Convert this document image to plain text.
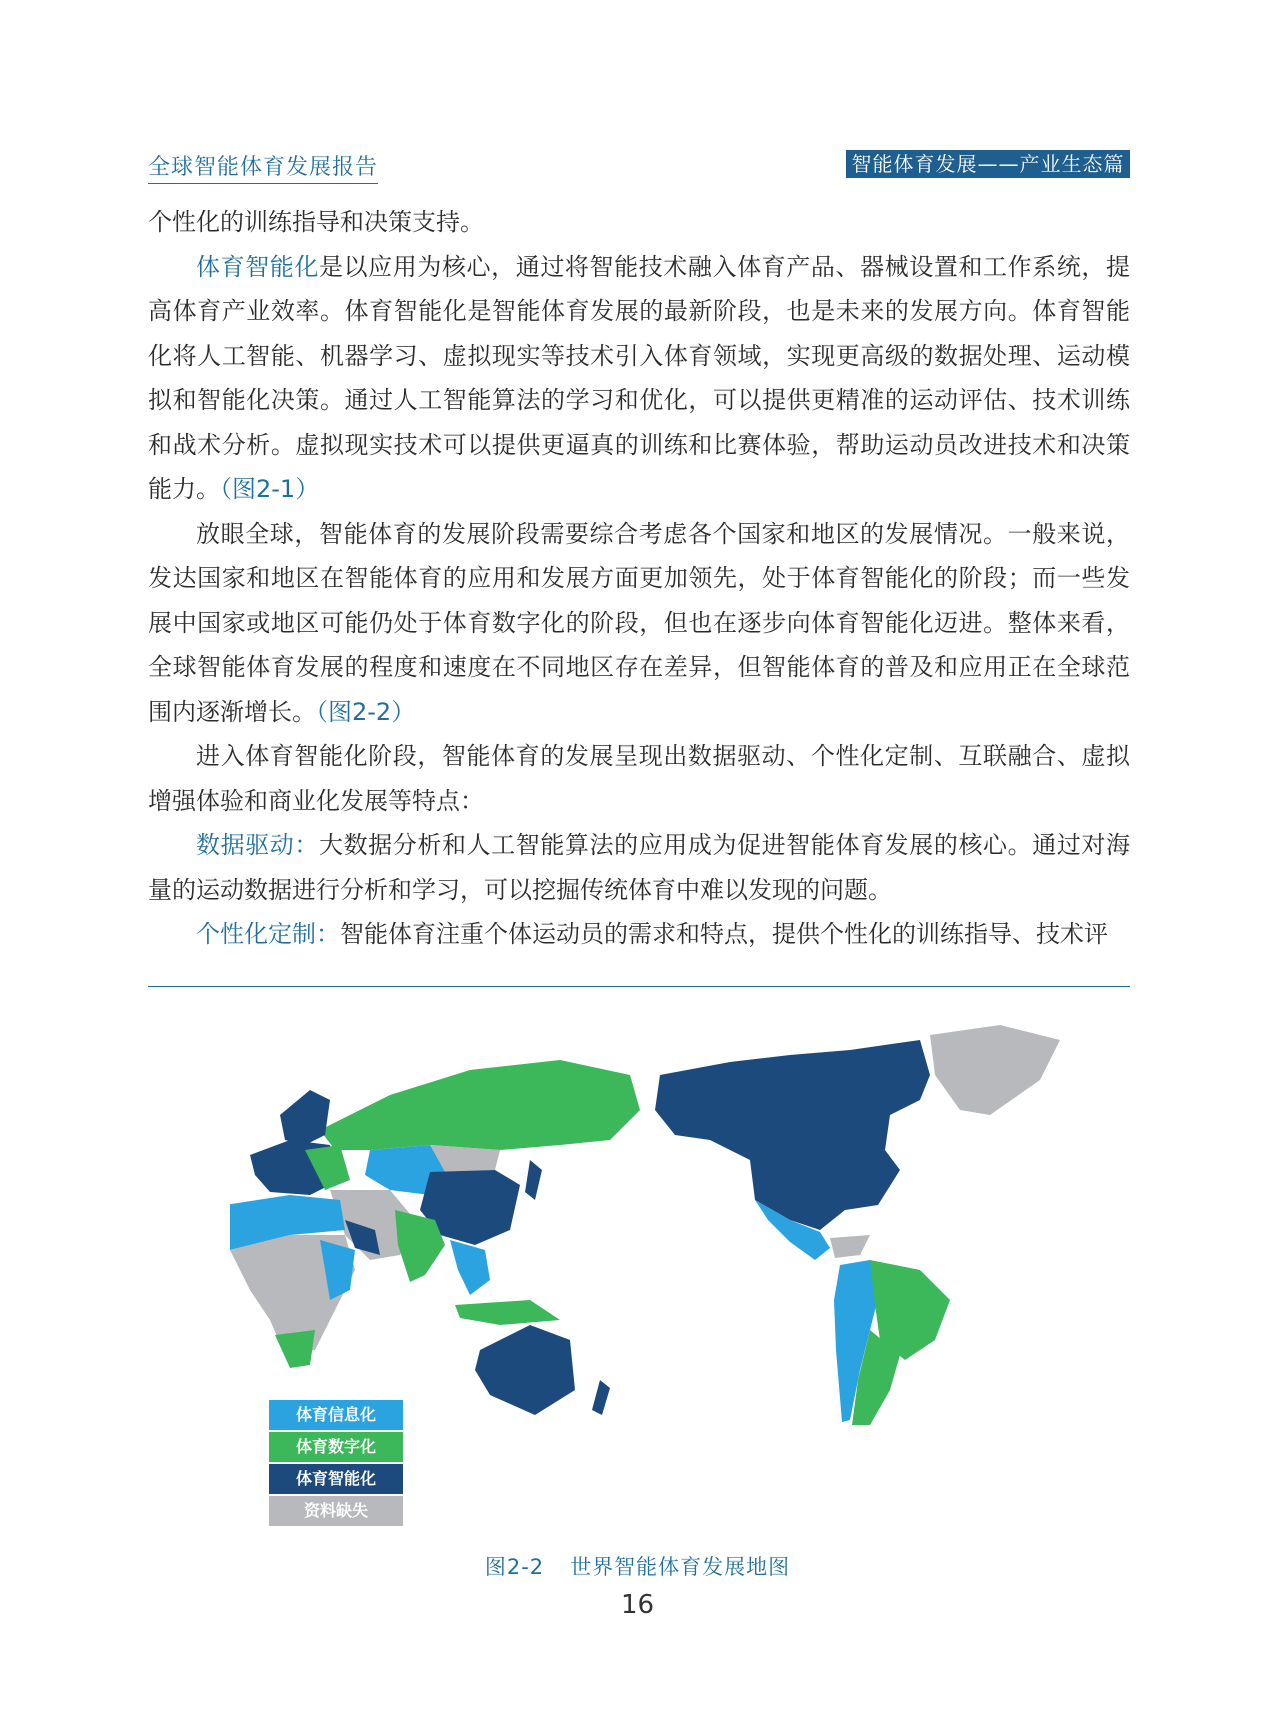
全球智能体育发展报告	智能体育发展——产业生态篇

个性化的训练指导和决策支持。

体育智能化是以应用为核心，通过将智能技术融入体育产品、器械设置和工作系统，提高体育产业效率。体育智能化是智能体育发展的最新阶段，也是未来的发展方向。体育智能化将人工智能、机器学习、虚拟现实等技术引入体育领域，实现更高级的数据处理、运动模拟和智能化决策。通过人工智能算法的学习和优化，可以提供更精准的运动评估、技术训练和战术分析。虚拟现实技术可以提供更逼真的训练和比赛体验，帮助运动员改进技术和决策能力。（图2-1）

放眼全球，智能体育的发展阶段需要综合考虑各个国家和地区的发展情况。一般来说，发达国家和地区在智能体育的应用和发展方面更加领先，处于体育智能化的阶段；而一些发展中国家或地区可能仍处于体育数字化的阶段，但也在逐步向体育智能化迈进。整体来看，全球智能体育发展的程度和速度在不同地区存在差异，但智能体育的普及和应用正在全球范围内逐渐增长。（图2-2）

进入体育智能化阶段，智能体育的发展呈现出数据驱动、个性化定制、互联融合、虚拟增强体验和商业化发展等特点：

数据驱动：大数据分析和人工智能算法的应用成为促进智能体育发展的核心。通过对海量的运动数据进行分析和学习，可以挖掘传统体育中难以发现的问题。

个性化定制：智能体育注重个体运动员的需求和特点，提供个性化的训练指导、技术评

体育信息化
体育数字化
体育智能化
资料缺失
图2-2 世界智能体育发展地图
16
